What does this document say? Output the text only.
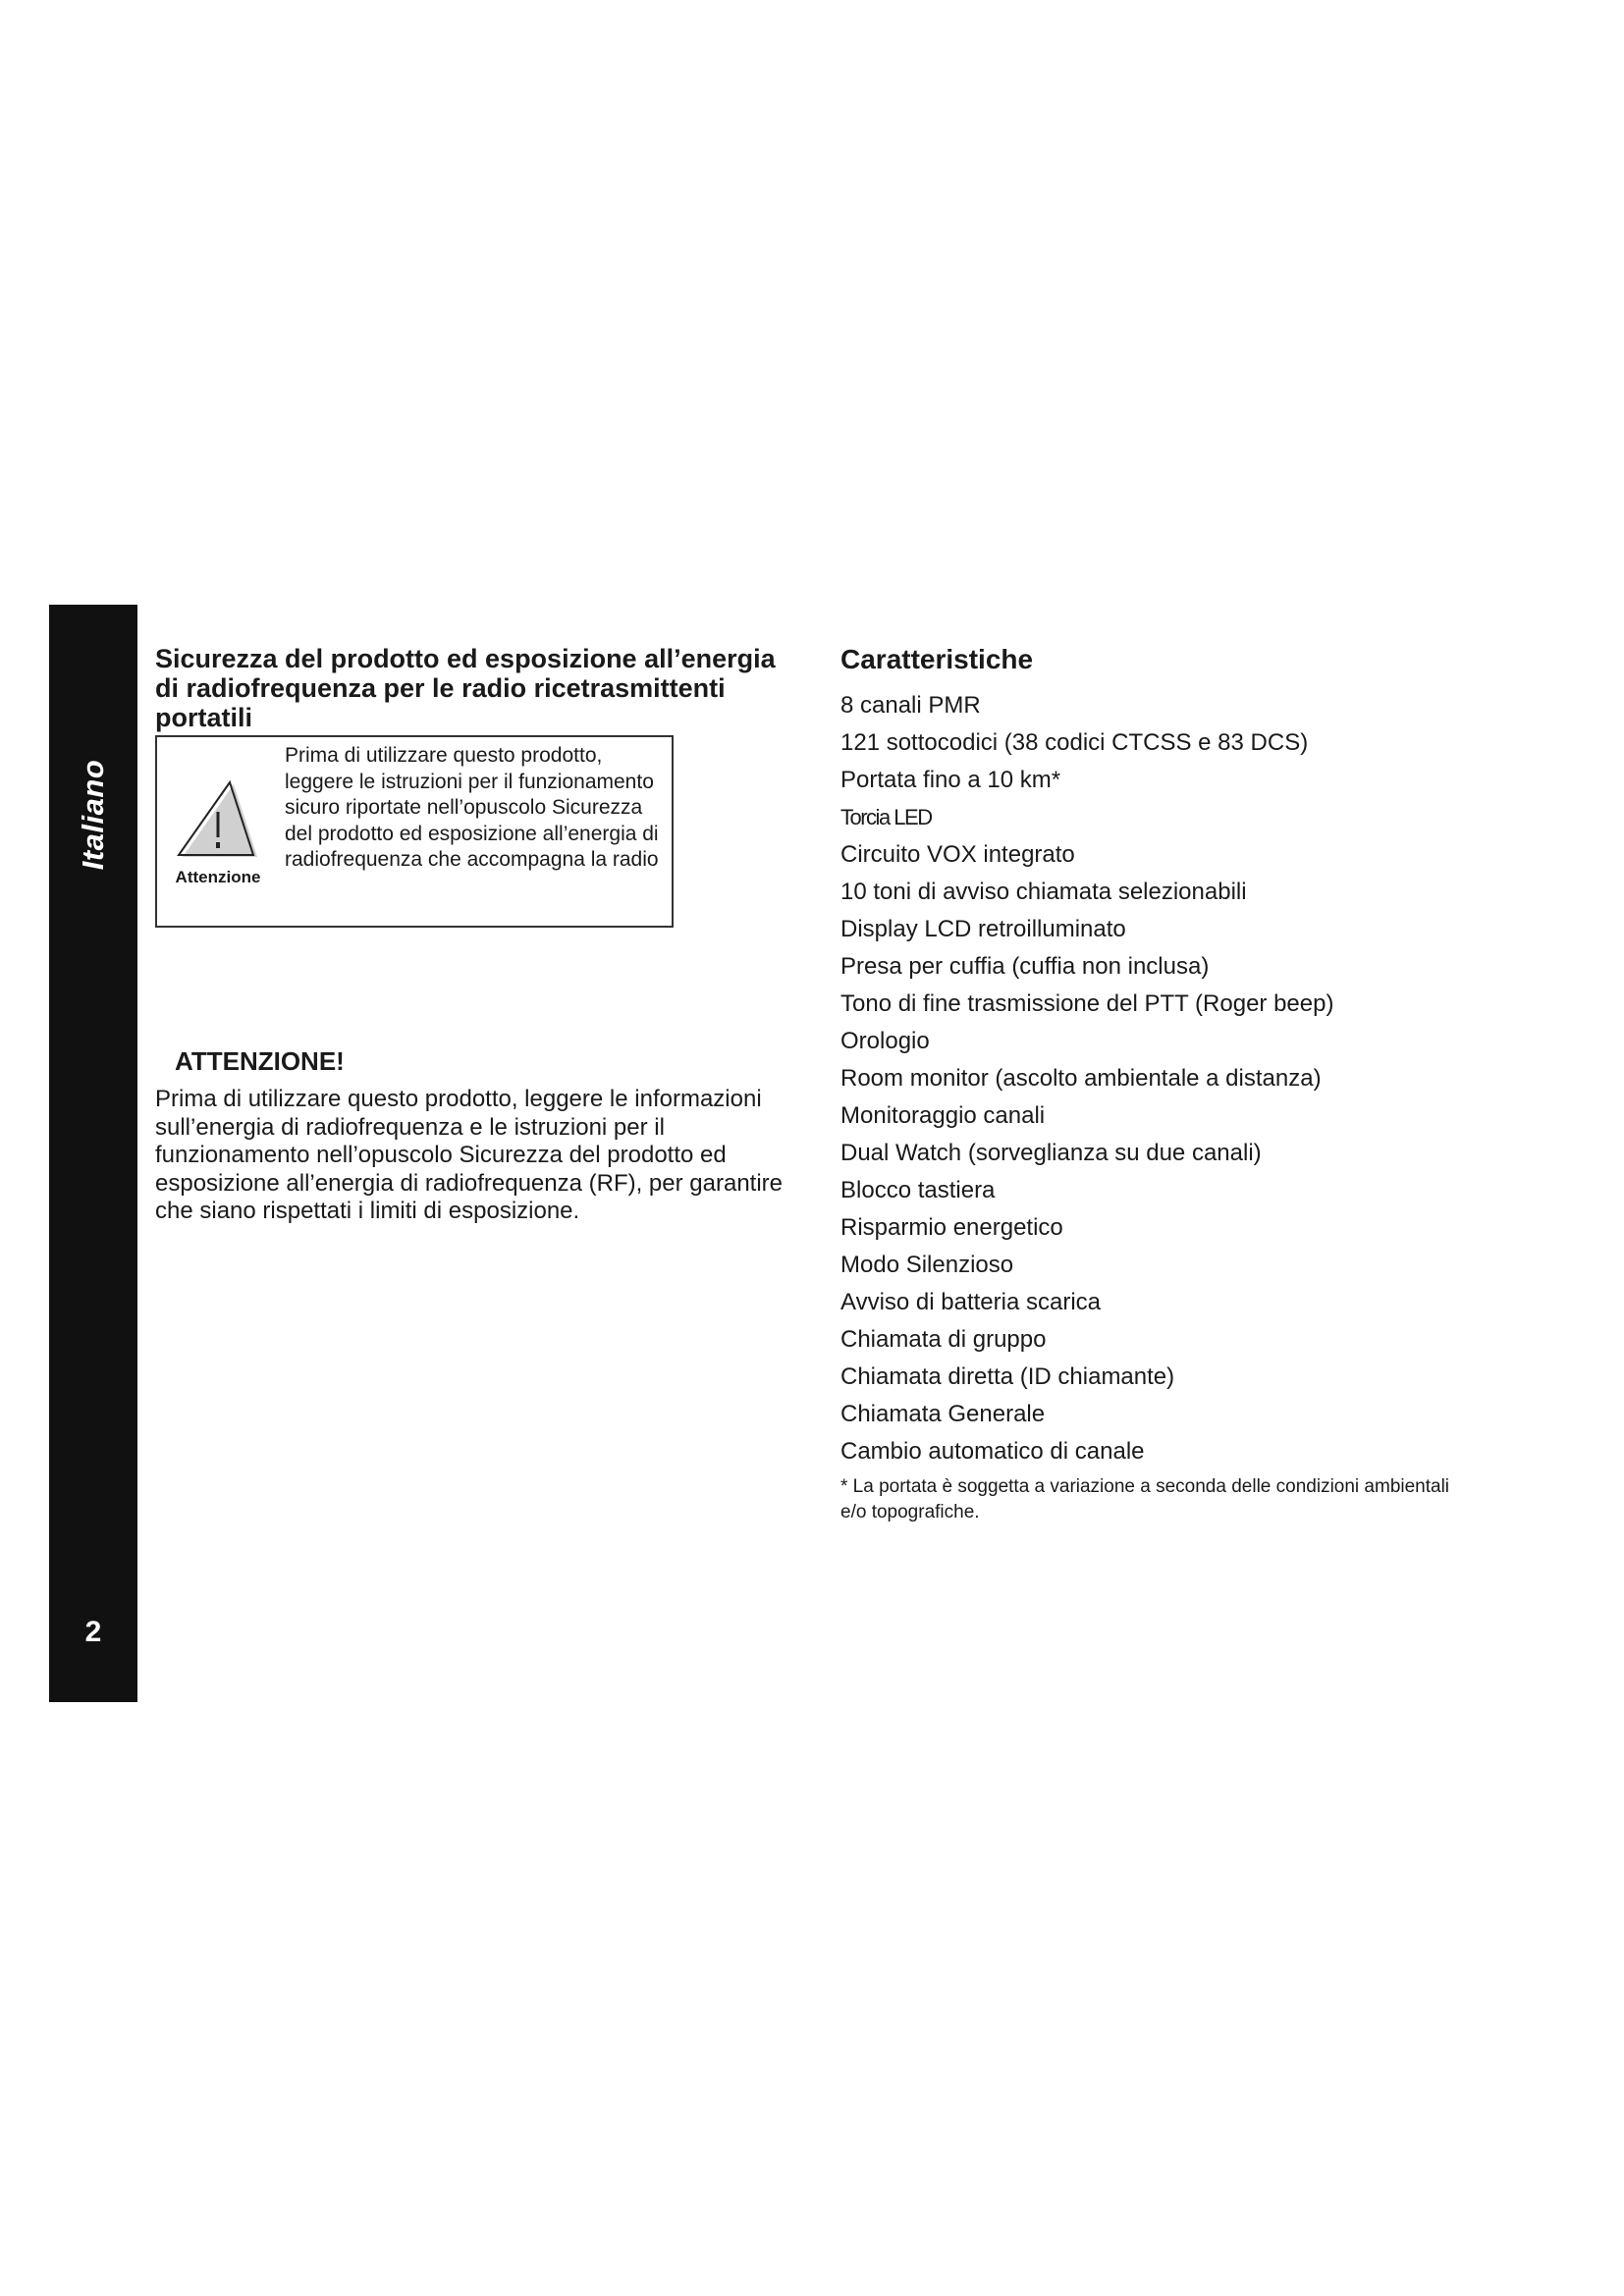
Italiano
2
Sicurezza del prodotto ed esposizione all’energia di radiofrequenza per le radio ricetrasmittenti portatili
Attenzione

Prima di utilizzare questo prodotto, leggere le istruzioni per il funzionamento sicuro riportate nell’opuscolo Sicurezza del prodotto ed esposizione all’energia di radiofrequenza che accompagna la radio

ATTENZIONE!

Prima di utilizzare questo prodotto, leggere le informazioni sull’energia di radiofrequenza e le istruzioni per il funzionamento nell’opuscolo Sicurezza del prodotto ed esposizione all’energia di radiofrequenza (RF), per garantire che siano rispettati i limiti di esposizione.

Caratteristiche
8 canali PMR
121 sottocodici (38 codici CTCSS e 83 DCS)
Portata fino a 10 km*
Torcia LED
Circuito VOX integrato
10 toni di avviso chiamata selezionabili
Display LCD retroilluminato
Presa per cuffia (cuffia non inclusa)
Tono di fine trasmissione del PTT (Roger beep)
Orologio
Room monitor (ascolto ambientale a distanza)
Monitoraggio canali
Dual Watch (sorveglianza su due canali)
Blocco tastiera
Risparmio energetico
Modo Silenzioso
Avviso di batteria scarica
Chiamata di gruppo
Chiamata diretta (ID chiamante)
Chiamata Generale
Cambio automatico di canale

* La portata è soggetta a variazione a seconda delle condizioni ambientali e/o topografiche.
